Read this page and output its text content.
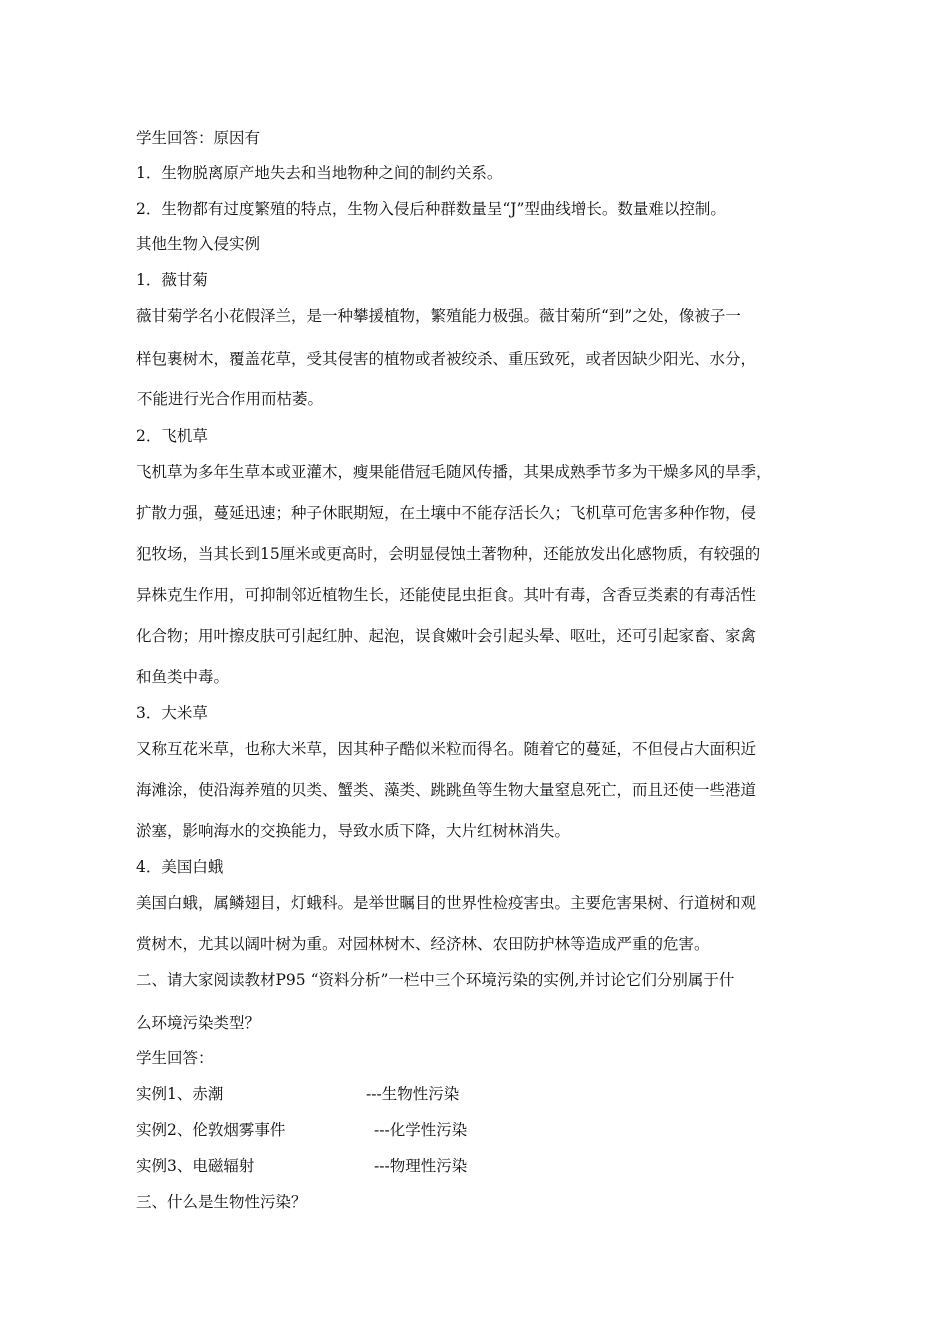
学生回答：原因有
1．生物脱离原产地失去和当地物种之间的制约关系。
2．生物都有过度繁殖的特点，生物入侵后种群数量呈“J”型曲线增长。数量难以控制。
其他生物入侵实例
1．薇甘菊
薇甘菊学名小花假泽兰，是一种攀援植物，繁殖能力极强。薇甘菊所“到”之处，像被子一
样包裹树木，覆盖花草，受其侵害的植物或者被绞杀、重压致死，或者因缺少阳光、水分，
不能进行光合作用而枯萎。
2．飞机草
飞机草为多年生草本或亚灌木，瘦果能借冠毛随风传播，其果成熟季节多为干燥多风的旱季，
扩散力强，蔓延迅速；种子休眠期短，在土壤中不能存活长久；飞机草可危害多种作物，侵
犯牧场，当其长到15厘米或更高时，会明显侵蚀土著物种，还能放发出化感物质，有较强的
异株克生作用，可抑制邻近植物生长，还能使昆虫拒食。其叶有毒，含香豆类素的有毒活性
化合物；用叶擦皮肤可引起红肿、起泡，误食嫩叶会引起头晕、呕吐，还可引起家畜、家禽
和鱼类中毒。
3．大米草
又称互花米草，也称大米草，因其种子酷似米粒而得名。随着它的蔓延，不但侵占大面积近
海滩涂，使沿海养殖的贝类、蟹类、藻类、跳跳鱼等生物大量窒息死亡，而且还使一些港道
淤塞，影响海水的交换能力，导致水质下降，大片红树林消失。
4．美国白蛾
美国白蛾，属鳞翅目，灯蛾科。是举世瞩目的世界性检疫害虫。主要危害果树、行道树和观
赏树木，尤其以阔叶树为重。对园林树木、经济林、农田防护林等造成严重的危害。
二、请大家阅读教材P95 “资料分析”一栏中三个环境污染的实例,并讨论它们分别属于什
么环境污染类型？
学生回答：
实例1、赤潮	---生物性污染
实例2、伦敦烟雾事件	---化学性污染
实例3、电磁辐射	---物理性污染
三、什么是生物性污染？
